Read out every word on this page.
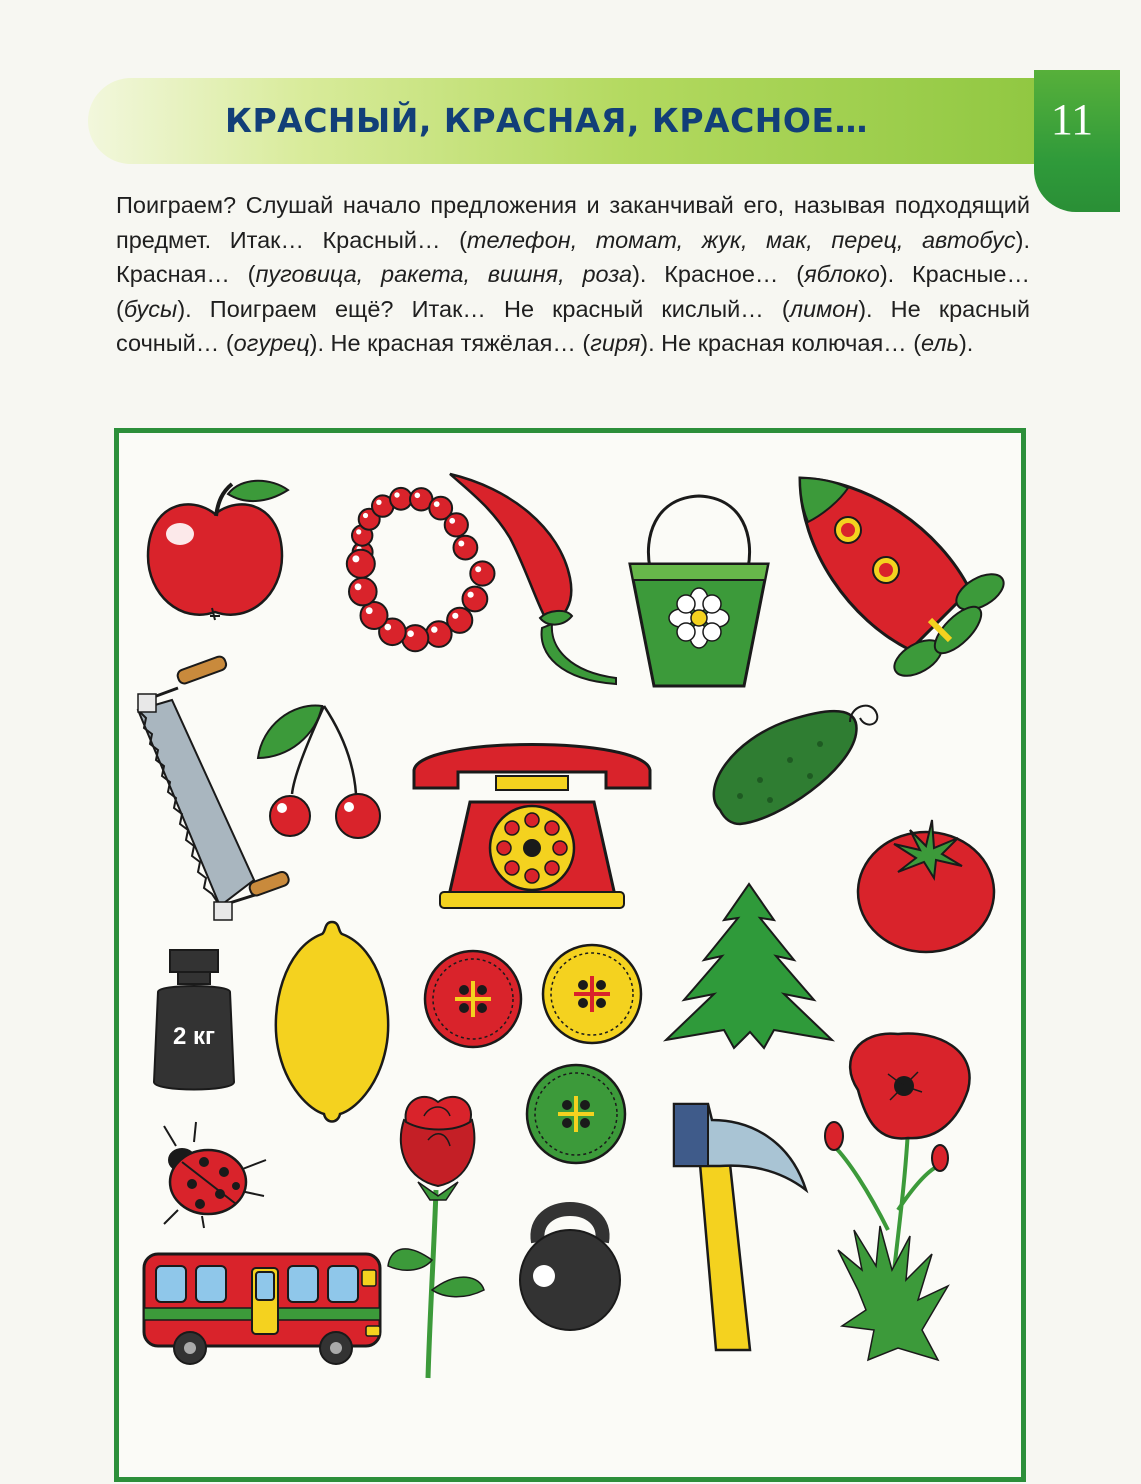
КРАСНЫЙ, КРАСНАЯ, КРАСНОЕ…	11
Поиграем? Слушай начало предложения и заканчивай его, называя подходящий предмет. Итак… Красный… (телефон, томат, жук, мак, перец, автобус). Красная… (пуговица, ракета, вишня, роза). Красное… (яблоко). Красные… (бусы). Поиграем ещё? Итак… Не красный кислый… (лимон). Не красный сочный… (огурец). Не красная тяжёлая… (гиря). Не красная колючая… (ель).
2 кг
